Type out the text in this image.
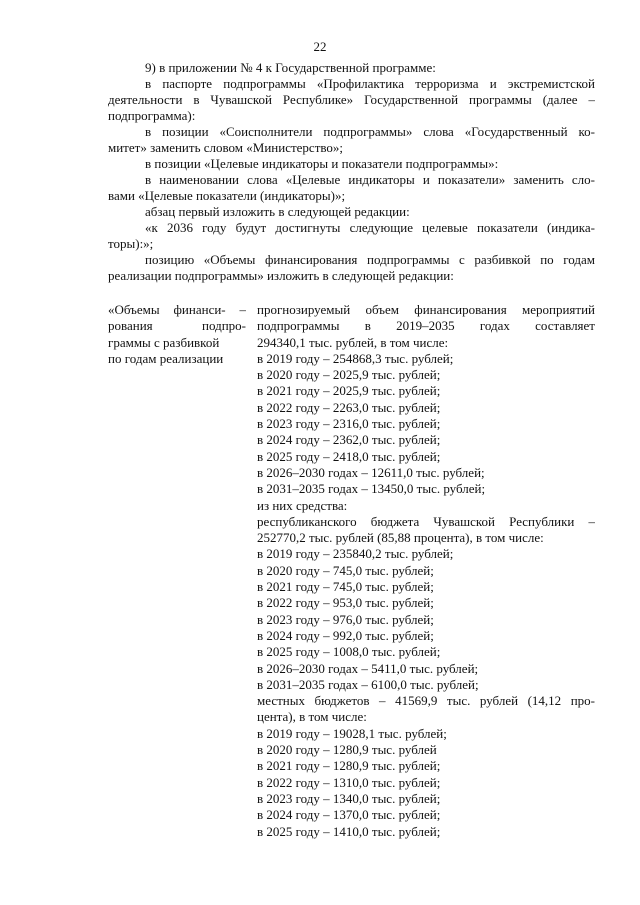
22
9) в приложении № 4 к Государственной программе:
в паспорте подпрограммы «Профилактика терроризма и экстремистской
деятельности в Чувашской Республике» Государственной программы (далее –
подпрограмма):
в позиции «Соисполнители подпрограммы» слова «Государственный ко-
митет» заменить словом «Министерство»;
в позиции «Целевые индикаторы и показатели подпрограммы»:
в наименовании слова «Целевые индикаторы и показатели» заменить сло-
вами «Целевые показатели (индикаторы)»;
абзац первый изложить в следующей редакции:
«к 2036 году будут достигнуты следующие целевые показатели (индика-
торы):»;
позицию «Объемы финансирования подпрограммы с разбивкой по годам
реализации подпрограммы» изложить в следующей редакции:
«Объемы финанси- –
рования подпро-
граммы с разбивкой
по годам реализации
прогнозируемый объем финансирования мероприятий
подпрограммы в 2019–2035 годах составляет
294340,1 тыс. рублей, в том числе:
в 2019 году – 254868,3 тыс. рублей;
в 2020 году – 2025,9 тыс. рублей;
в 2021 году – 2025,9 тыс. рублей;
в 2022 году – 2263,0 тыс. рублей;
в 2023 году – 2316,0 тыс. рублей;
в 2024 году – 2362,0 тыс. рублей;
в 2025 году – 2418,0 тыс. рублей;
в 2026–2030 годах – 12611,0 тыс. рублей;
в 2031–2035 годах – 13450,0 тыс. рублей;
из них средства:
республиканского бюджета Чувашской Республики –
252770,2 тыс. рублей (85,88 процента), в том числе:
в 2019 году – 235840,2 тыс. рублей;
в 2020 году – 745,0 тыс. рублей;
в 2021 году – 745,0 тыс. рублей;
в 2022 году – 953,0 тыс. рублей;
в 2023 году – 976,0 тыс. рублей;
в 2024 году – 992,0 тыс. рублей;
в 2025 году – 1008,0 тыс. рублей;
в 2026–2030 годах – 5411,0 тыс. рублей;
в 2031–2035 годах – 6100,0 тыс. рублей;
местных бюджетов – 41569,9 тыс. рублей (14,12 про-
цента), в том числе:
в 2019 году – 19028,1 тыс. рублей;
в 2020 году – 1280,9 тыс. рублей
в 2021 году – 1280,9 тыс. рублей;
в 2022 году – 1310,0 тыс. рублей;
в 2023 году – 1340,0 тыс. рублей;
в 2024 году – 1370,0 тыс. рублей;
в 2025 году – 1410,0 тыс. рублей;
